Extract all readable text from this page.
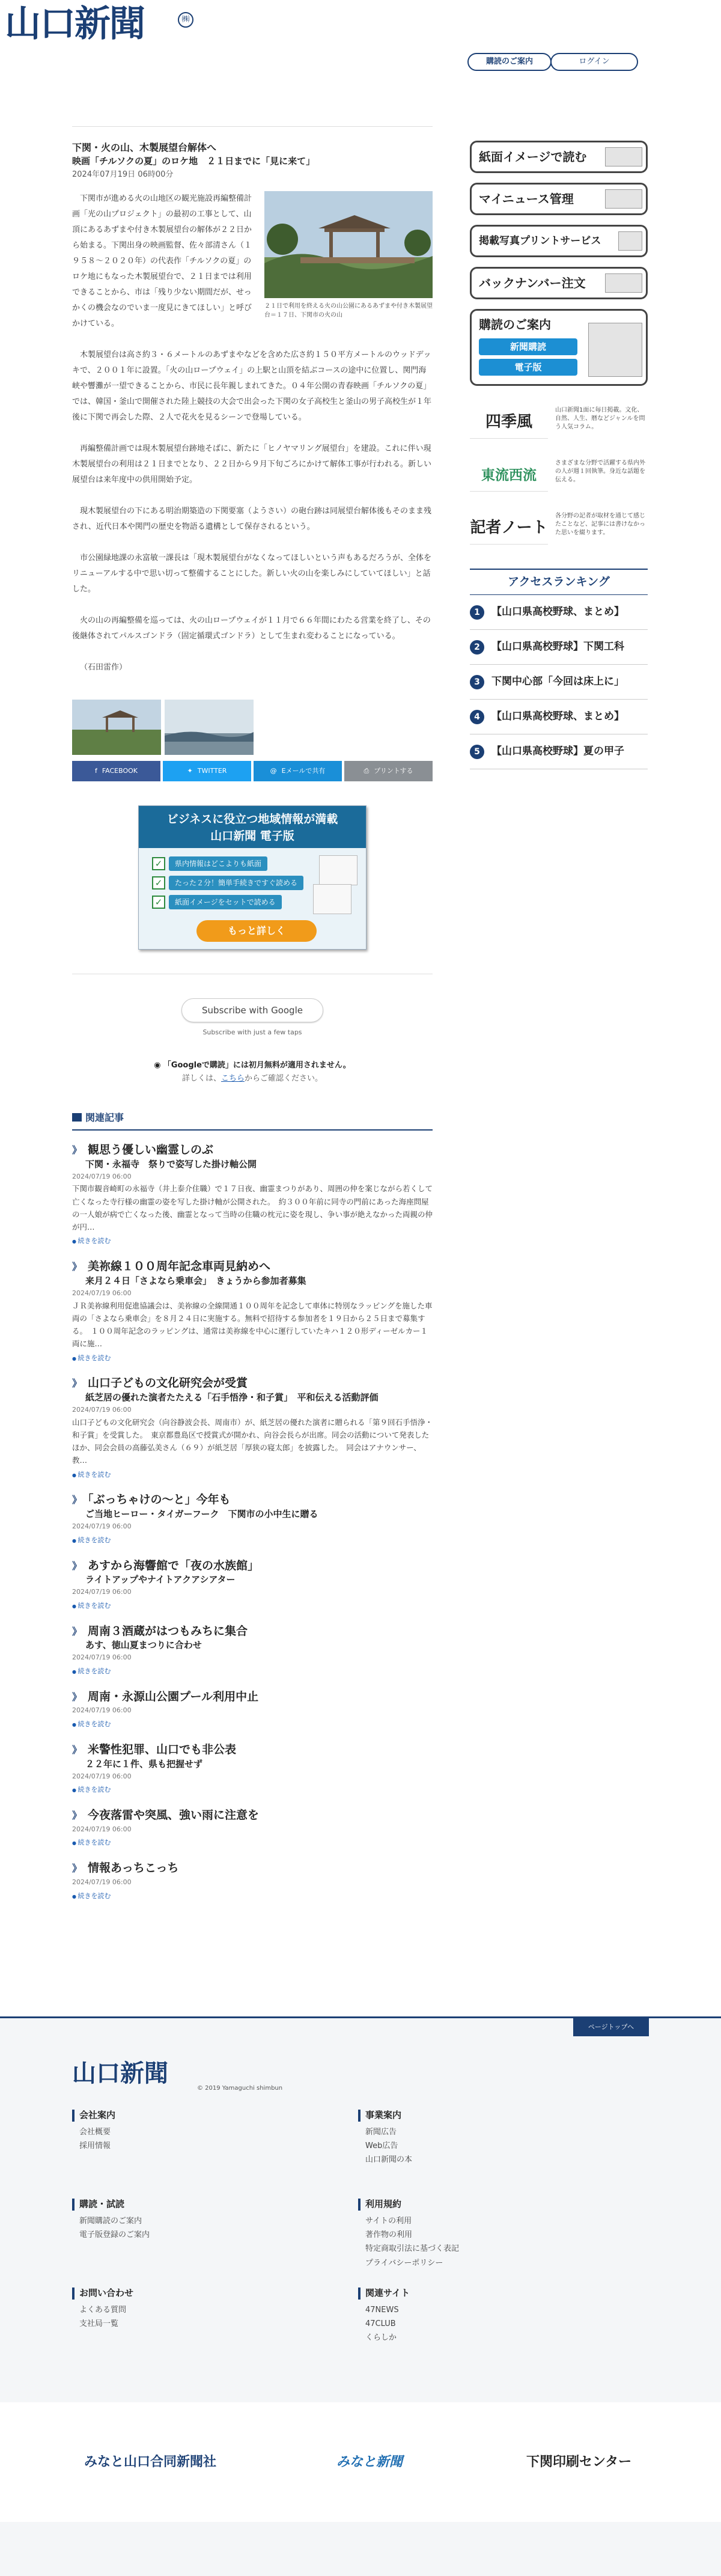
山口新聞	㈱
購読のご案内	ログイン
下関・火の山、木製展望台解体へ
映画「チルソクの夏」のロケ地　２１日までに「見に来て」
2024年07月19日 06時00分
２１日で利用を終える火の山公園にあるあずまや付き木製展望台＝１７日、下関市の火の山

下関市が進める火の山地区の観光施設再編整備計画「光の山プロジェクト」の最初の工事として、山頂にあるあずまや付き木製展望台の解体が２２日から始まる。下関出身の映画監督、佐々部清さん（１９５８〜２０２０年）の代表作「チルソクの夏」のロケ地にもなった木製展望台で、２１日までは利用できることから、市は「残り少ない期間だが、せっかくの機会なのでいま一度見にきてほしい」と呼びかけている。

木製展望台は高さ約３・６メートルのあずまやなどを含めた広さ約１５０平方メートルのウッドデッキで、２００１年に設置。「火の山ロープウェイ」の上駅と山頂を結ぶコースの途中に位置し、関門海峡や響灘が一望できることから、市民に長年親しまれてきた。０４年公開の青春映画「チルソクの夏」では、韓国・釜山で開催された陸上競技の大会で出会った下関の女子高校生と釜山の男子高校生が１年後に下関で再会した際、２人で花火を見るシーンで登場している。

再編整備計画では現木製展望台跡地そばに、新たに「ヒノヤマリング展望台」を建設。これに伴い現木製展望台の利用は２１日までとなり、２２日から９月下旬ごろにかけて解体工事が行われる。新しい展望台は来年度中の供用開始予定。

現木製展望台の下にある明治期築造の下関要塞（ようさい）の砲台跡は同展望台解体後もそのまま残され、近代日本や関門の歴史を物語る遺構として保存されるという。

市公園緑地課の永富敏一課長は「現木製展望台がなくなってほしいという声もあるだろうが、全体をリニューアルする中で思い切って整備することにした。新しい火の山を楽しみにしていてほしい」と話した。

火の山の再編整備を巡っては、火の山ロープウェイが１１月で６６年間にわたる営業を終了し、その後継体されてパルスゴンドラ（固定循環式ゴンドラ）として生まれ変わることになっている。

（石田雷作）

f FACEBOOK	✦ TWITTER	@ Eメールで共有	⎙ プリントする
ビジネスに役立つ地域情報が満載
山口新聞 電子版
✓	県内情報はどこよりも紙面
✓	たった２分！簡単手続きですぐ読める
✓	紙面イメージをセットで読める
もっと詳しく
Subscribe with Google
Subscribe with just a few taps
◉ 「Googleで購読」には初月無料が適用されません。
詳しくは、こちらからご確認ください。
関連記事
》 観思う優しい幽霊しのぶ
下関・永福寺　祭りで姿写した掛け軸公開
2024/07/19 06:00
下関市観音崎町の永福寺（井上泰介住職）で１７日夜、幽霊まつりがあり、周囲の仲を案じながら若くして亡くなった寺行様の幽霊の姿を写した掛け軸が公開された。　約３００年前に同寺の門前にあった海座問屋の一人娘が病で亡くなった後、幽霊となって当時の住職の枕元に姿を現し、争い事が絶えなかった両親の仲が円…
● 続きを読む
》 美祢線１００周年記念車両見納めへ
来月２４日「さよなら乗車会」　きょうから参加者募集
2024/07/19 06:00
ＪＲ美祢線利用促進協議会は、美祢線の全線開通１００周年を記念して車体に特別なラッピングを施した車両の「さよなら乗車会」を８月２４日に実施する。無料で招待する参加者を１９日から２５日まで募集する。　１００周年記念のラッピングは、通常は美祢線を中心に運行していたキハ１２０形ディーゼルカー１両に施…
● 続きを読む
》 山口子どもの文化研究会が受賞
紙芝居の優れた演者たたえる「石手悟浄・和子賞」　平和伝える活動評価
2024/07/19 06:00
山口子どもの文化研究会（向谷静波会長、周南市）が、紙芝居の優れた演者に贈られる「第９回石手悟浄・和子賞」を受賞した。　東京都豊島区で授賞式が開かれ、向谷会長らが出席。同会の活動について発表したほか、同会会員の高藤弘美さん（６９）が紙芝居「厚狭の寝太郎」を披露した。　同会はアナウンサー、教…
● 続きを読む
》 「ぶっちゃけの〜と」今年も
ご当地ヒーロー・タイガーフーク　下関市の小中生に贈る
2024/07/19 06:00
● 続きを読む
》 あすから海響館で「夜の水族館」
ライトアップやナイトアクアシアター
2024/07/19 06:00
● 続きを読む
》 周南３酒蔵がはつもみちに集合
あす、徳山夏まつりに合わせ
2024/07/19 06:00
● 続きを読む
》 周南・永源山公園プール利用中止
2024/07/19 06:00
● 続きを読む
》 米警性犯罪、山口でも非公表
２２年に１件、県も把握せず
2024/07/19 06:00
● 続きを読む
》 今夜落雷や突風、強い雨に注意を
2024/07/19 06:00
● 続きを読む
》 情報あっちこっち
2024/07/19 06:00
● 続きを読む
紙面イメージで読む
マイニュース管理
掲載写真プリントサービス
バックナンバー注文
購読のご案内
新聞購読
電子版
四季風
山口新聞1面に毎日掲載。文化、自然、人生、暦などジャンルを問う人気コラム。
東流西流
さまざまな分野で活躍する県内外の人が週１回執筆。身近な話題を伝える。
記者ノート
各分野の記者が取材を通じて感じたことなど、記事には書けなかった思いを綴ります。
アクセスランキング
1	【山口県高校野球、まとめ】
2	【山口県高校野球】下関工科
3	下関中心部「今回は床上に」
4	【山口県高校野球、まとめ】
5	【山口県高校野球】夏の甲子
ページトップへ
山口新聞
© 2019 Yamaguchi shimbun
会社案内
会社概要
採用情報
事業案内
新聞広告
Web広告
山口新聞の本
購読・試読
新聞購読のご案内
電子版登録のご案内
利用規約
サイトの利用
著作物の利用
特定商取引法に基づく表記
プライバシーポリシー
お問い合わせ
よくある質問
支社局一覧
関連サイト
47NEWS
47CLUB
くらしか
みなと山口合同新聞社	みなと新聞	下関印刷センター
